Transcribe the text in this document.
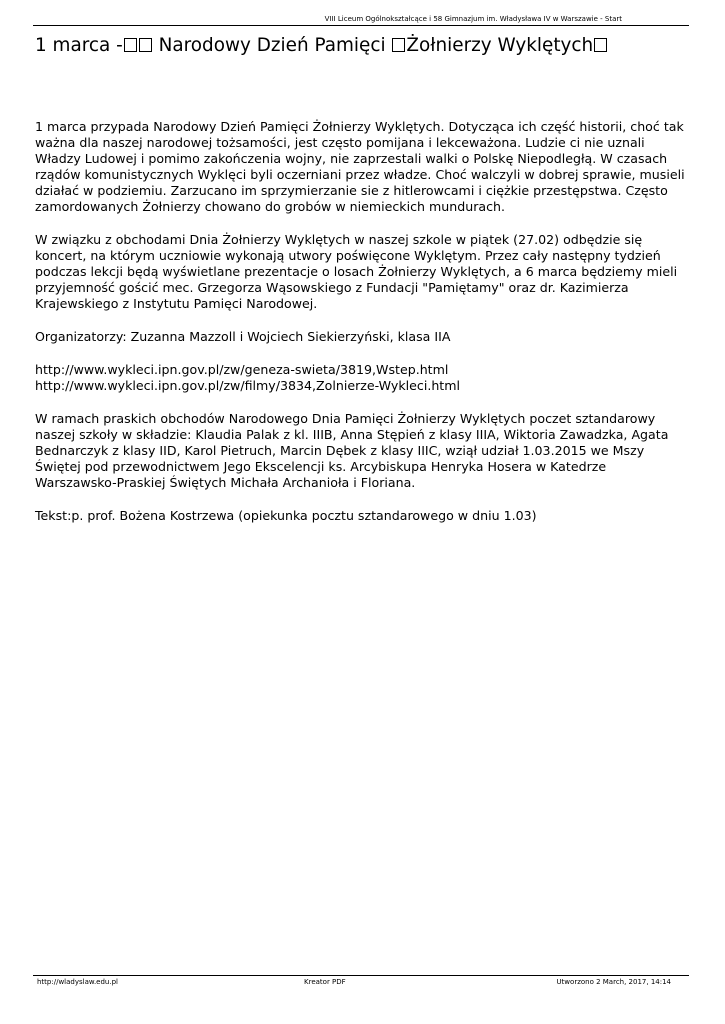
VIII Liceum Ogólnokształcące i 58 Gimnazjum im. Władysława IV w Warszawie - Start
1 marca - Narodowy Dzień Pamięci Żołnierzy Wyklętych

1 marca przypada Narodowy Dzień Pamięci Żołnierzy Wyklętych. Dotycząca ich część historii, choć tak ważna dla naszej narodowej tożsamości, jest często pomijana i lekceważona. Ludzie ci nie uznali Władzy Ludowej i pomimo zakończenia wojny, nie zaprzestali walki o Polskę Niepodległą. W czasach rządów komunistycznych Wyklęci byli oczerniani przez władze. Choć walczyli w dobrej sprawie, musieli działać w podziemiu. Zarzucano im sprzymierzanie sie z hitlerowcami i ciężkie przestępstwa. Często zamordowanych Żołnierzy chowano do grobów w niemieckich mundurach.

W związku z obchodami Dnia Żołnierzy Wyklętych w naszej szkole w piątek (27.02) odbędzie się koncert, na którym uczniowie wykonają utwory poświęcone Wyklętym. Przez cały następny tydzień podczas lekcji będą wyświetlane prezentacje o losach Żołnierzy Wyklętych, a 6 marca będziemy mieli przyjemność gościć mec. Grzegorza Wąsowskiego z Fundacji "Pamiętamy" oraz dr. Kazimierza Krajewskiego z Instytutu Pamięci Narodowej.

Organizatorzy: Zuzanna Mazzoll i Wojciech Siekierzyński, klasa IIA

http://www.wykleci.ipn.gov.pl/zw/geneza-swieta/3819,Wstep.html
http://www.wykleci.ipn.gov.pl/zw/filmy/3834,Zolnierze-Wykleci.html

W ramach praskich obchodów Narodowego Dnia Pamięci Żołnierzy Wyklętych poczet sztandarowy naszej szkoły w składzie: Klaudia Palak z kl. IIIB, Anna Stępień z klasy IIIA, Wiktoria Zawadzka, Agata Bednarczyk z klasy IID, Karol Pietruch, Marcin Dębek z klasy IIIC, wziął udział 1.03.2015 we Mszy Świętej pod przewodnictwem Jego Ekscelencji ks. Arcybiskupa Henryka Hosera w Katedrze Warszawsko-Praskiej Świętych Michała Archanioła i Floriana.

Tekst:p. prof. Bożena Kostrzewa (opiekunka pocztu sztandarowego w dniu 1.03)

http://wladyslaw.edu.pl	Kreator PDF	Utworzono 2 March, 2017, 14:14
